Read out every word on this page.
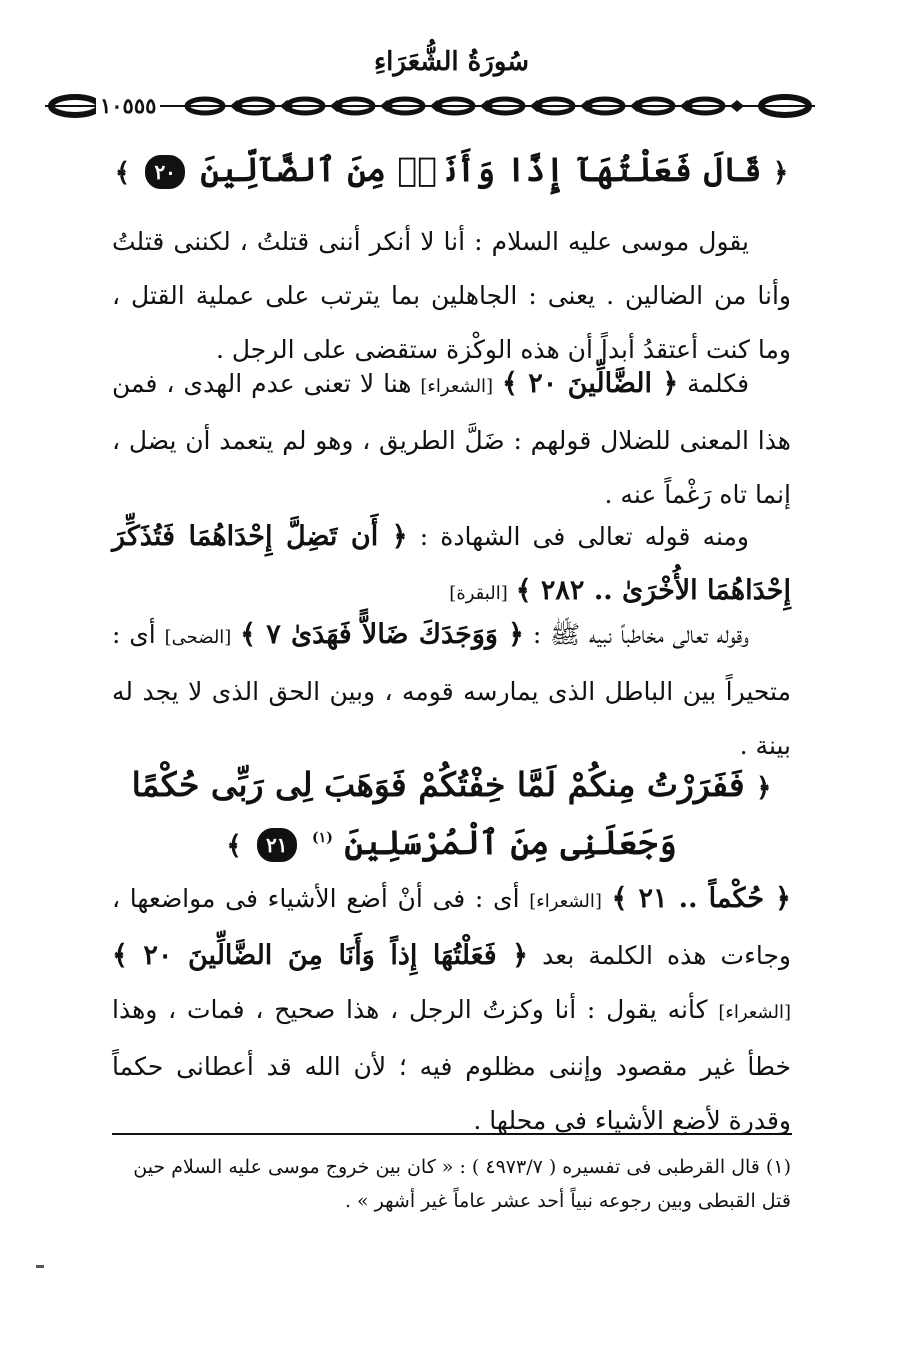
سُورَةُ الشُّعَرَاءِ
١٠٥٥٥
﴿ قَالَ فَعَلْتُهَآ إِذًا وَأَنَا۠ مِنَ ٱلضَّآلِّينَ ٢٠ ﴾
يقول موسى عليه السلام : أنا لا أنكر أننى قتلتُ ، لكننى قتلتُ وأنا من الضالين . يعنى : الجاهلين بما يترتب على عملية القتل ، وما كنت أعتقدُ أبداً أن هذه الوكْزة ستقضى على الرجل .
فكلمة ﴿ الضَّالِّينَ ٢٠ ﴾ [الشعراء] هنا لا تعنى عدم الهدى ، فمن هذا المعنى للضلال قولهم : ضَلَّ الطريق ، وهو لم يتعمد أن يضل ، إنما تاه رَغْماً عنه .
ومنه قوله تعالى فى الشهادة : ﴿ أَن تَضِلَّ إِحْدَاهُمَا فَتُذَكِّرَ إِحْدَاهُمَا الأُخْرَىٰ .. ٢٨٢ ﴾ [البقرة]
وقوله تعالى مخاطباً نبيه ﷺ : ﴿ وَوَجَدَكَ ضَالاًّ فَهَدَىٰ ٧ ﴾ [الضحى] أى : متحيراً بين الباطل الذى يمارسه قومه ، وبين الحق الذى لا يجد له بينة .
﴿ فَفَرَرْتُ مِنكُمْ لَمَّا خِفْتُكُمْ فَوَهَبَ لِى رَبِّى حُكْمًا
وَجَعَلَنِى مِنَ ٱلْمُرْسَلِينَ $^{(١)}$ ٢١ ﴾
﴿ حُكْماً .. ٢١ ﴾ [الشعراء] أى : فى أنْ أضع الأشياء فى مواضعها ، وجاءت هذه الكلمة بعد ﴿ فَعَلْتُهَا إِذاً وَأَنَا مِنَ الضَّالِّينَ ٢٠ ﴾ [الشعراء] كأنه يقول : أنا وكزتُ الرجل ، هذا صحيح ، فمات ، وهذا خطأ غير مقصود وإننى مظلوم فيه ؛ لأن الله قد أعطانى حكماً وقدرة لأضع الأشياء فى محلها .
(١) قال القرطبى فى تفسيره ( ٤٩٧٣/٧ ) : « كان بين خروج موسى عليه السلام حين قتل القبطى وبين رجوعه نبياً أحد عشر عاماً غير أشهر » .
